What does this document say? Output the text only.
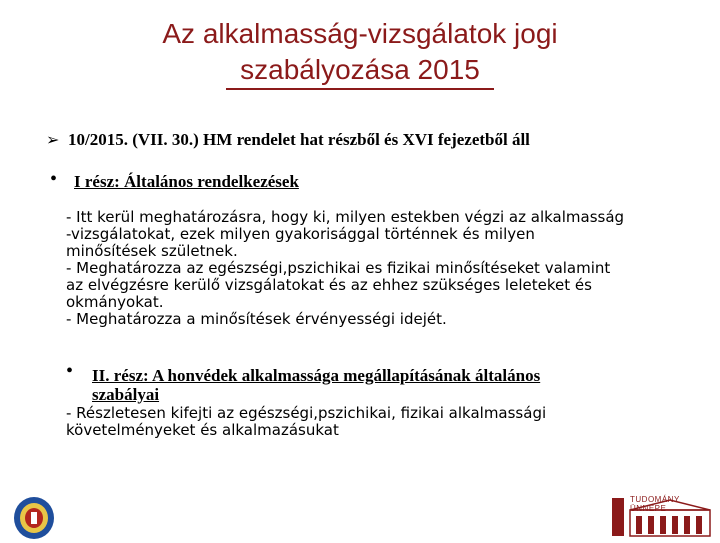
Az alkalmasság-vizsgálatok jogi
szabályozása 2015
➢ 10/2015. (VII. 30.) HM rendelet hat részből és XVI fejezetből áll
• I rész: Általános rendelkezések
- Itt kerül meghatározásra, hogy ki, milyen estekben végzi az alkalmasság
-vizsgálatokat, ezek milyen gyakorisággal történnek és milyen
minősítések születnek.
- Meghatározza az egészségi,pszichikai es fizikai minősítéseket valamint
az elvégzésre kerülő vizsgálatokat és az ehhez szükséges leleteket és
okmányokat.
- Meghatározza a minősítések érvényességi idejét.
• II. rész: A honvédek alkalmassága megállapításának általános
szabályai
- Részletesen kifejti az egészségi,pszichikai, fizikai alkalmassági
követelményeket és alkalmazásukat
TUDOMÁNY ÜNNEPE
